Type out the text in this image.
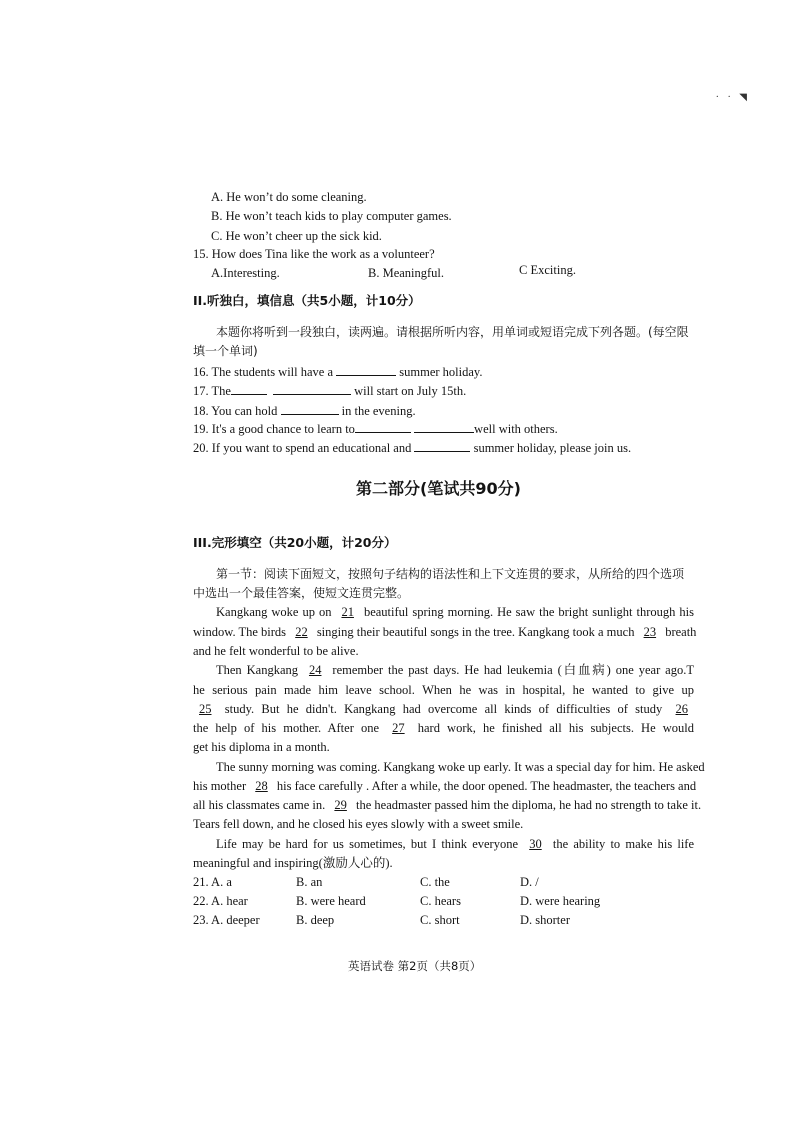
· · ◥
A. He won’t do some cleaning.
B. He won’t teach kids to play computer games.
C. He won’t cheer up the sick kid.
15. How does Tina like the work as a volunteer?
A.Interesting.	B. Meaningful.	C Exciting.
II.听独白，填信息（共5小题，计10分）
本题你将听到一段独白，读两遍。请根据所听内容，用单词或短语完成下列各题。(每空限
填一个单词)
16. The students will have a	summer holiday.
17. The	will start on July 15th.
18. You can hold	in the evening.
19. It's a good chance to learn to	well with others.
20. If you want to spend an educational and	summer holiday, please join us.
第二部分(笔试共90分)
III.完形填空（共20小题，计20分）
第一节：阅读下面短文，按照句子结构的语法性和上下文连贯的要求，从所给的四个选项
中选出一个最佳答案，使短文连贯完整。
Kangkang woke up on 21 beautiful spring morning. He saw the bright sunlight through his
window. The birds 22 singing their beautiful songs in the tree. Kangkang took a much 23 breath
and he felt wonderful to be alive.
Then Kangkang 24 remember the past days. He had leukemia (白血病) one year ago.T
he serious pain made him leave school. When he was in hospital, he wanted to give up
25 study. But he didn't. Kangkang had overcome all kinds of difficulties of study 26
the help of his mother. After one 27 hard work, he finished all his subjects. He would
get his diploma in a month.
The sunny morning was coming. Kangkang woke up early. It was a special day for him. He asked
his mother 28 his face carefully . After a while, the door opened. The headmaster, the teachers and
all his classmates came in. 29 the headmaster passed him the diploma, he had no strength to take it.
Tears fell down, and he closed his eyes slowly with a sweet smile.
Life may be hard for us sometimes, but I think everyone 30 the ability to make his life
meaningful and inspiring(激励人心的).
21. A. a	B. an	C. the	D. /
22. A. hear	B. were heard	C. hears	D. were hearing
23. A. deeper	B. deep	C. short	D. shorter
英语试卷 第2页（共8页）
